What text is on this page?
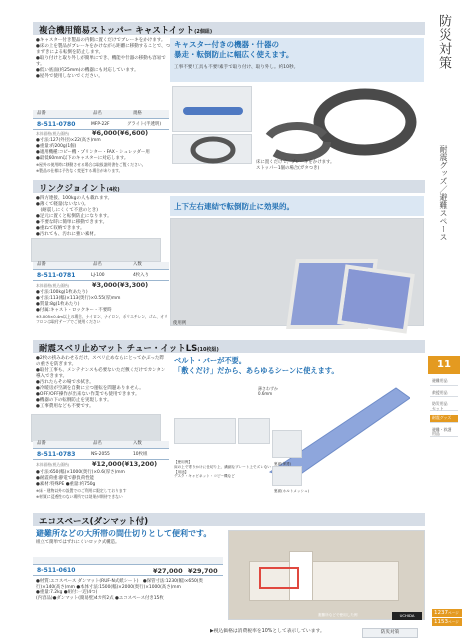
防災対策
耐震グッズ／避難スペース
11
避難用品
救援用品
防災用品
セット
耐震グッズ
避難・救護
用品
1237ページ
1153ページ
複合機用簡易ストッパー キャストイット(2個組)
●キャスター付き製品の内側に置くだけでブレーキをかけます。
●床の上を製品がブレーキをかけながら距離に移動することで、つまずきによる転倒を防止します。
●取り付けと取り外しが簡単にでき、機能や什器の移動も容易です。
●低い底面(約25mm)の機器にも対応しています。
●屋外で使用しないでください。
キャスター付きの機器・什器の
暴走・転倒防止に幅広く使えます。
工事不要!工具も不要!素手で取り付け、取り外し。約10秒。
床に置くだけで、ブレーキをかけます。
ストッパー1個の場合(ガタつき)
品番	品名	規格
8-511-0780	MFP-22F	グライト(半透明)
本体価格(税込価格)	¥6,000(¥6,600)
●寸法:127(外径)×22(高さ)mm
●重量:約200g(1個)
●適用機種:コピー機・プリンター・FAX・シュレッダー用
●最低60mm以下のキャスターに対応します。
※屋外の使用時に移動させる場合は取扱説明書をご覧ください。
※製品の仕様は予告なく変更する場合があります。
リンクジョイント(4枚)
●四方連接、100kgの人も載れます。
●薄くて軽量(ないない)。
　(耐震しにくくて不意のとき)
●足元に置くと転倒防止になります。
●不要な時に簡単に移動できます。
●重ねて収納できます。
●汚れても、汚れに強い素材。
上下左右連結で転倒防止に効果的。
使用例
品番	品名	入数
8-511-0781	LJ-100	4枚入り
本体価格(税込価格)	¥3,000(¥3,300)
●寸法:100kg(1枚あたり)
●寸法:113(幅)×113(奥行)×0.55(厚)mm
●質量:8g(1枚あたり)
●付属:キャスト・ロックキー・不要時
※3.005×0.4m以上の場合、ナイロン、ナイロン、ポリエチレン、ゴム、オリフロンは取付テープでご使用ください
耐震スベリ止めマット チュー・イットLS(10枚組)
●2枚の挟みあわせるだけ。スベリ止めならにとってかぶった際の重さを防ぎます。
●取付工事も、メンテナンスも必要ないただ敷くだけでカンタン導入できます。
●汚れたらその場で水拭き。
●冷暖房が空調を自動に立つ運転を問題ありません。
●OFF/OFF操作が出来ない作業でも使用できます。
●機器の下の転倒防止を実現します。
●工事費用なども不要です。
ベルト・バーが不要。
「敷くだけ」だから、あらゆるシーンに使えます。
薄さわずか
0.6mm
裏面(保護)
裏面(ホルトメッシュ)
【使用例】
床の上で寄りかけに仕切り上、繊細なプレート上でズレない
【用途】
デスク・キャビネット・コピー機など
品番	品名	入数
8-511-0783	NS-2055	10枚組
本体価格(税込価格)	¥12,000(¥13,200)
●寸法:650(幅)×1000(奥行)×0.6(厚さ)mm
●耐震荷重:静電で静負荷性能
●素材:特殊PE ●重量:約750g
※床・建物以外の設置でのご利用に限定しております
※材質に浸透性のない場所では効果が期待できない
エコスペース(ダンマット付)
避難所などの大所帯の間仕切りとして便利です。
組立て簡単ではずれにくいロック式構造。
8-511-0610	¥27,000 ¥29,700
●材質:エコスペース ダンマット(RUF-N式紙シート)　●保管寸法:1230(幅)×650(奥行)×140(高さ)mm ●本体寸法:1500(幅)×2000(奥行)×1000(高さ)mm
●重量:7.2kg ●組付:一辺(4つ)
(内容品)●ダンマット(簡易壁)4カ所2式 ●エコスペース付き15枚
避難所などで使用した例	UCHIDA
▶税込価格は消費税率を10%として表示しています。	防災対策
